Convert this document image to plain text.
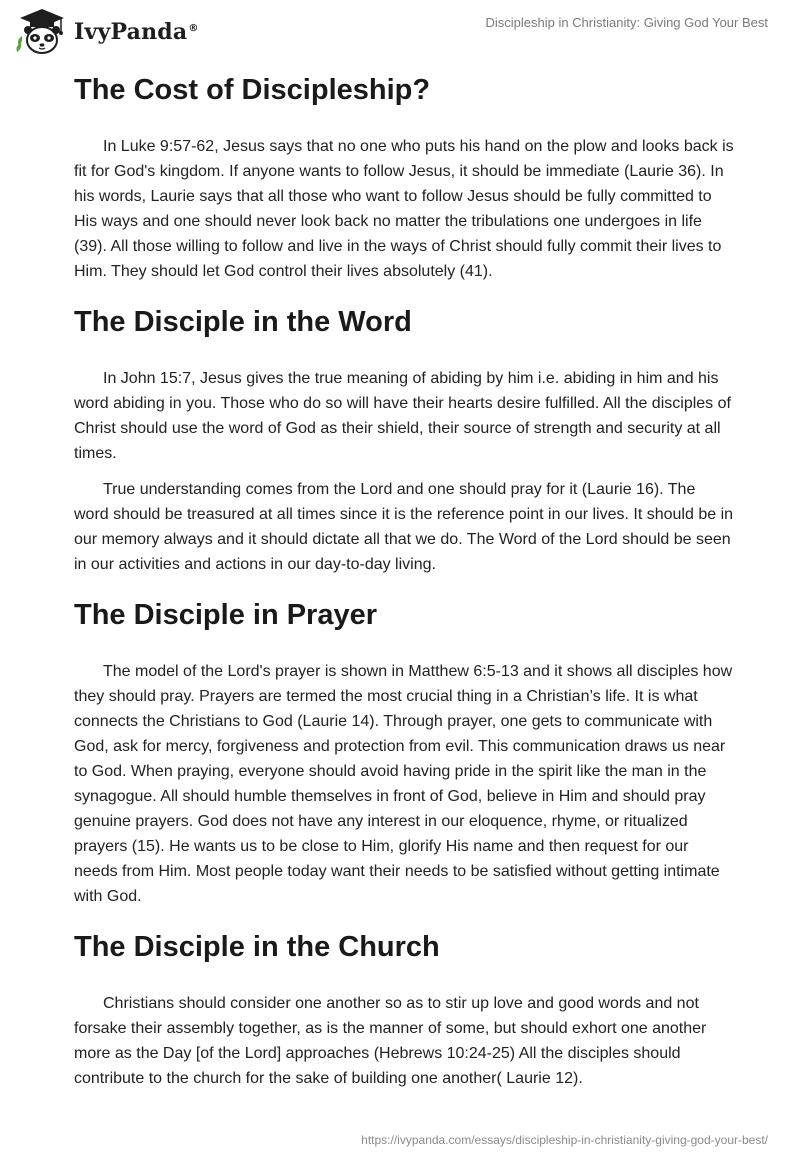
IvyPanda®	Discipleship in Christianity: Giving God Your Best
The Cost of Discipleship?

In Luke 9:57-62, Jesus says that no one who puts his hand on the plow and looks back is fit for God's kingdom. If anyone wants to follow Jesus, it should be immediate (Laurie 36). In his words, Laurie says that all those who want to follow Jesus should be fully committed to His ways and one should never look back no matter the tribulations one undergoes in life (39). All those willing to follow and live in the ways of Christ should fully commit their lives to Him. They should let God control their lives absolutely (41).

The Disciple in the Word

In John 15:7, Jesus gives the true meaning of abiding by him i.e. abiding in him and his word abiding in you. Those who do so will have their hearts desire fulfilled. All the disciples of Christ should use the word of God as their shield, their source of strength and security at all times.

True understanding comes from the Lord and one should pray for it (Laurie 16). The word should be treasured at all times since it is the reference point in our lives. It should be in our memory always and it should dictate all that we do. The Word of the Lord should be seen in our activities and actions in our day-to-day living.

The Disciple in Prayer

The model of the Lord's prayer is shown in Matthew 6:5-13 and it shows all disciples how they should pray. Prayers are termed the most crucial thing in a Christian’s life. It is what connects the Christians to God (Laurie 14). Through prayer, one gets to communicate with God, ask for mercy, forgiveness and protection from evil. This communication draws us near to God. When praying, everyone should avoid having pride in the spirit like the man in the synagogue. All should humble themselves in front of God, believe in Him and should pray genuine prayers. God does not have any interest in our eloquence, rhyme, or ritualized prayers (15). He wants us to be close to Him, glorify His name and then request for our needs from Him. Most people today want their needs to be satisfied without getting intimate with God.

The Disciple in the Church

Christians should consider one another so as to stir up love and good words and not forsake their assembly together, as is the manner of some, but should exhort one another more as the Day [of the Lord] approaches (Hebrews 10:24-25) All the disciples should contribute to the church for the sake of building one another( Laurie 12).

https://ivypanda.com/essays/discipleship-in-christianity-giving-god-your-best/
